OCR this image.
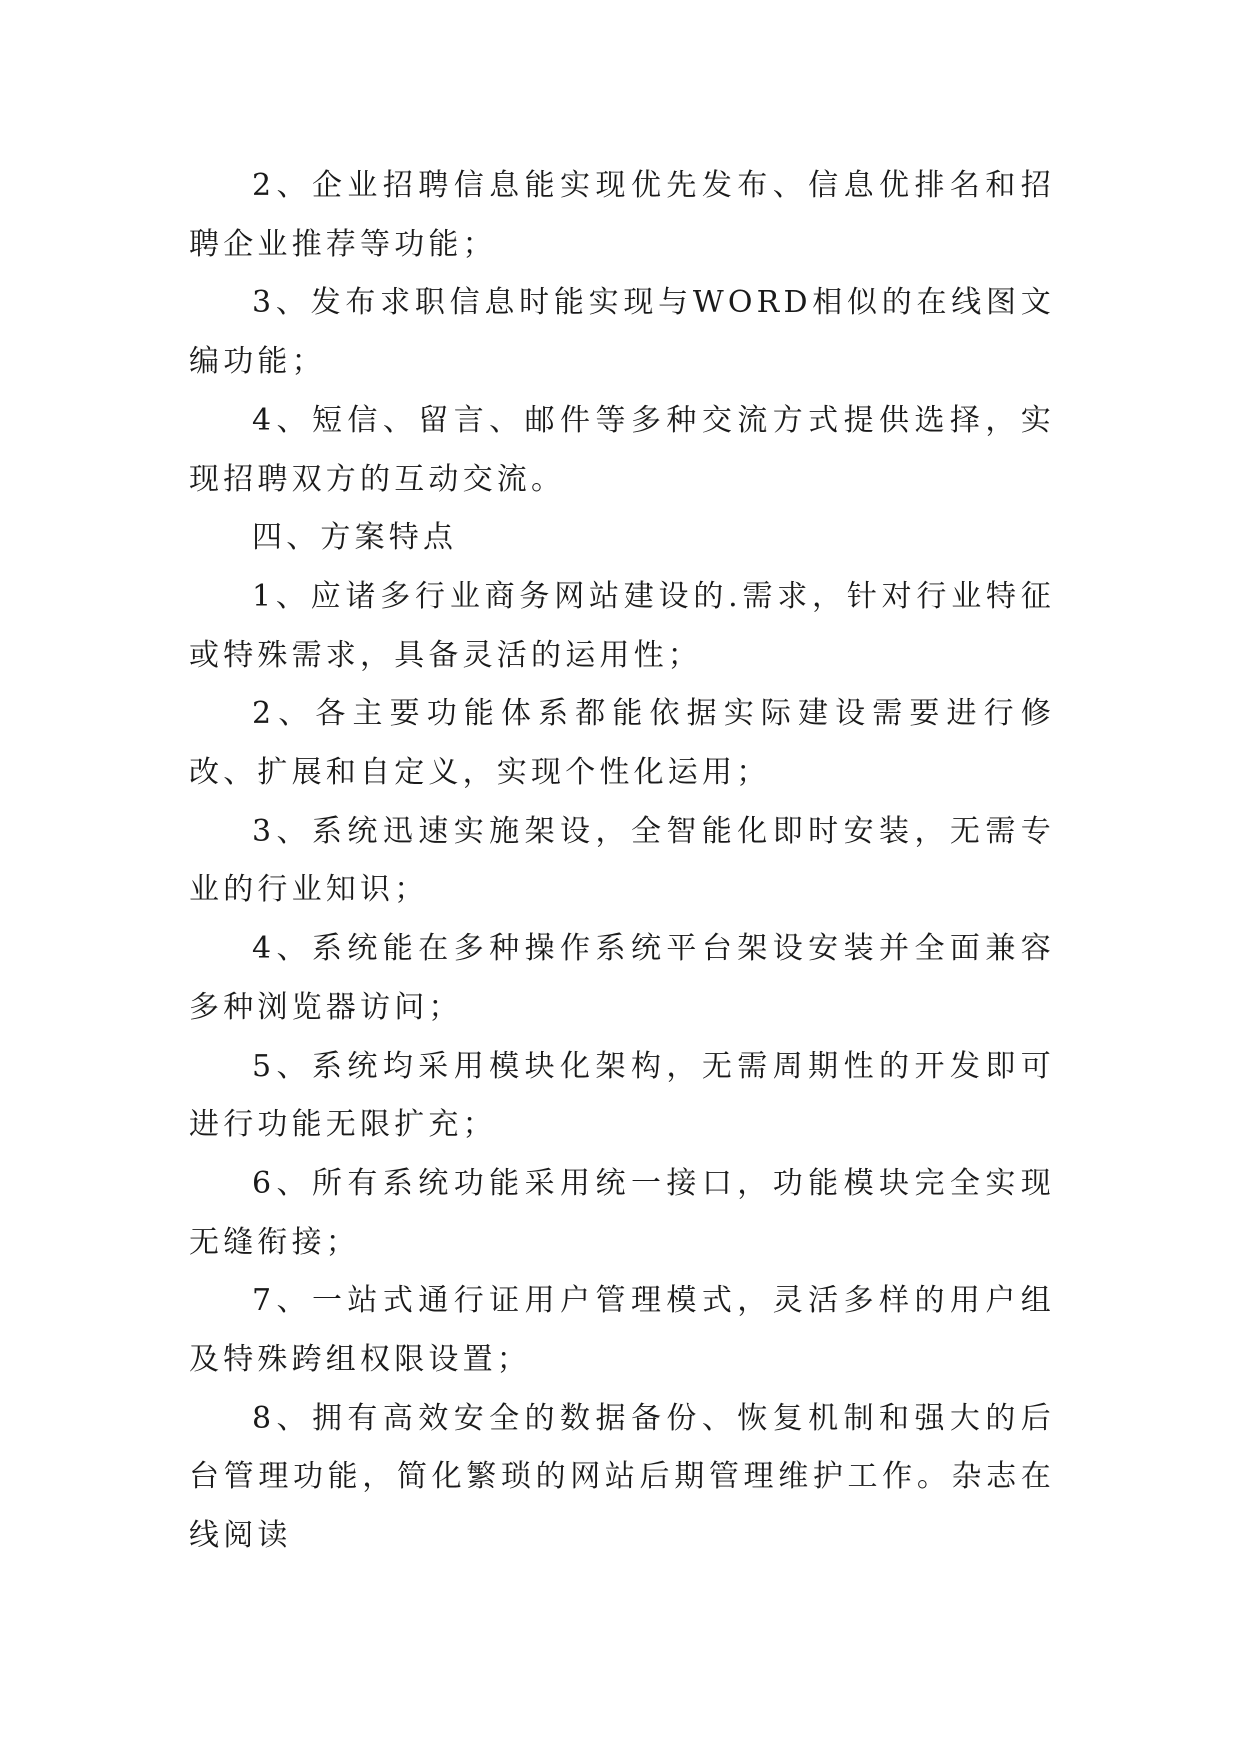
2、企业招聘信息能实现优先发布、信息优排名和招聘企业推荐等功能；

3、发布求职信息时能实现与WORD相似的在线图文编功能；

4、短信、留言、邮件等多种交流方式提供选择，实现招聘双方的互动交流。

四、方案特点

1、应诸多行业商务网站建设的.需求，针对行业特征或特殊需求，具备灵活的运用性；

2、各主要功能体系都能依据实际建设需要进行修改、扩展和自定义，实现个性化运用；

3、系统迅速实施架设，全智能化即时安装，无需专业的行业知识；

4、系统能在多种操作系统平台架设安装并全面兼容多种浏览器访问；

5、系统均采用模块化架构，无需周期性的开发即可进行功能无限扩充；

6、所有系统功能采用统一接口，功能模块完全实现无缝衔接；

7、一站式通行证用户管理模式，灵活多样的用户组及特殊跨组权限设置；

8、拥有高效安全的数据备份、恢复机制和强大的后台管理功能，简化繁琐的网站后期管理维护工作。杂志在线阅读
